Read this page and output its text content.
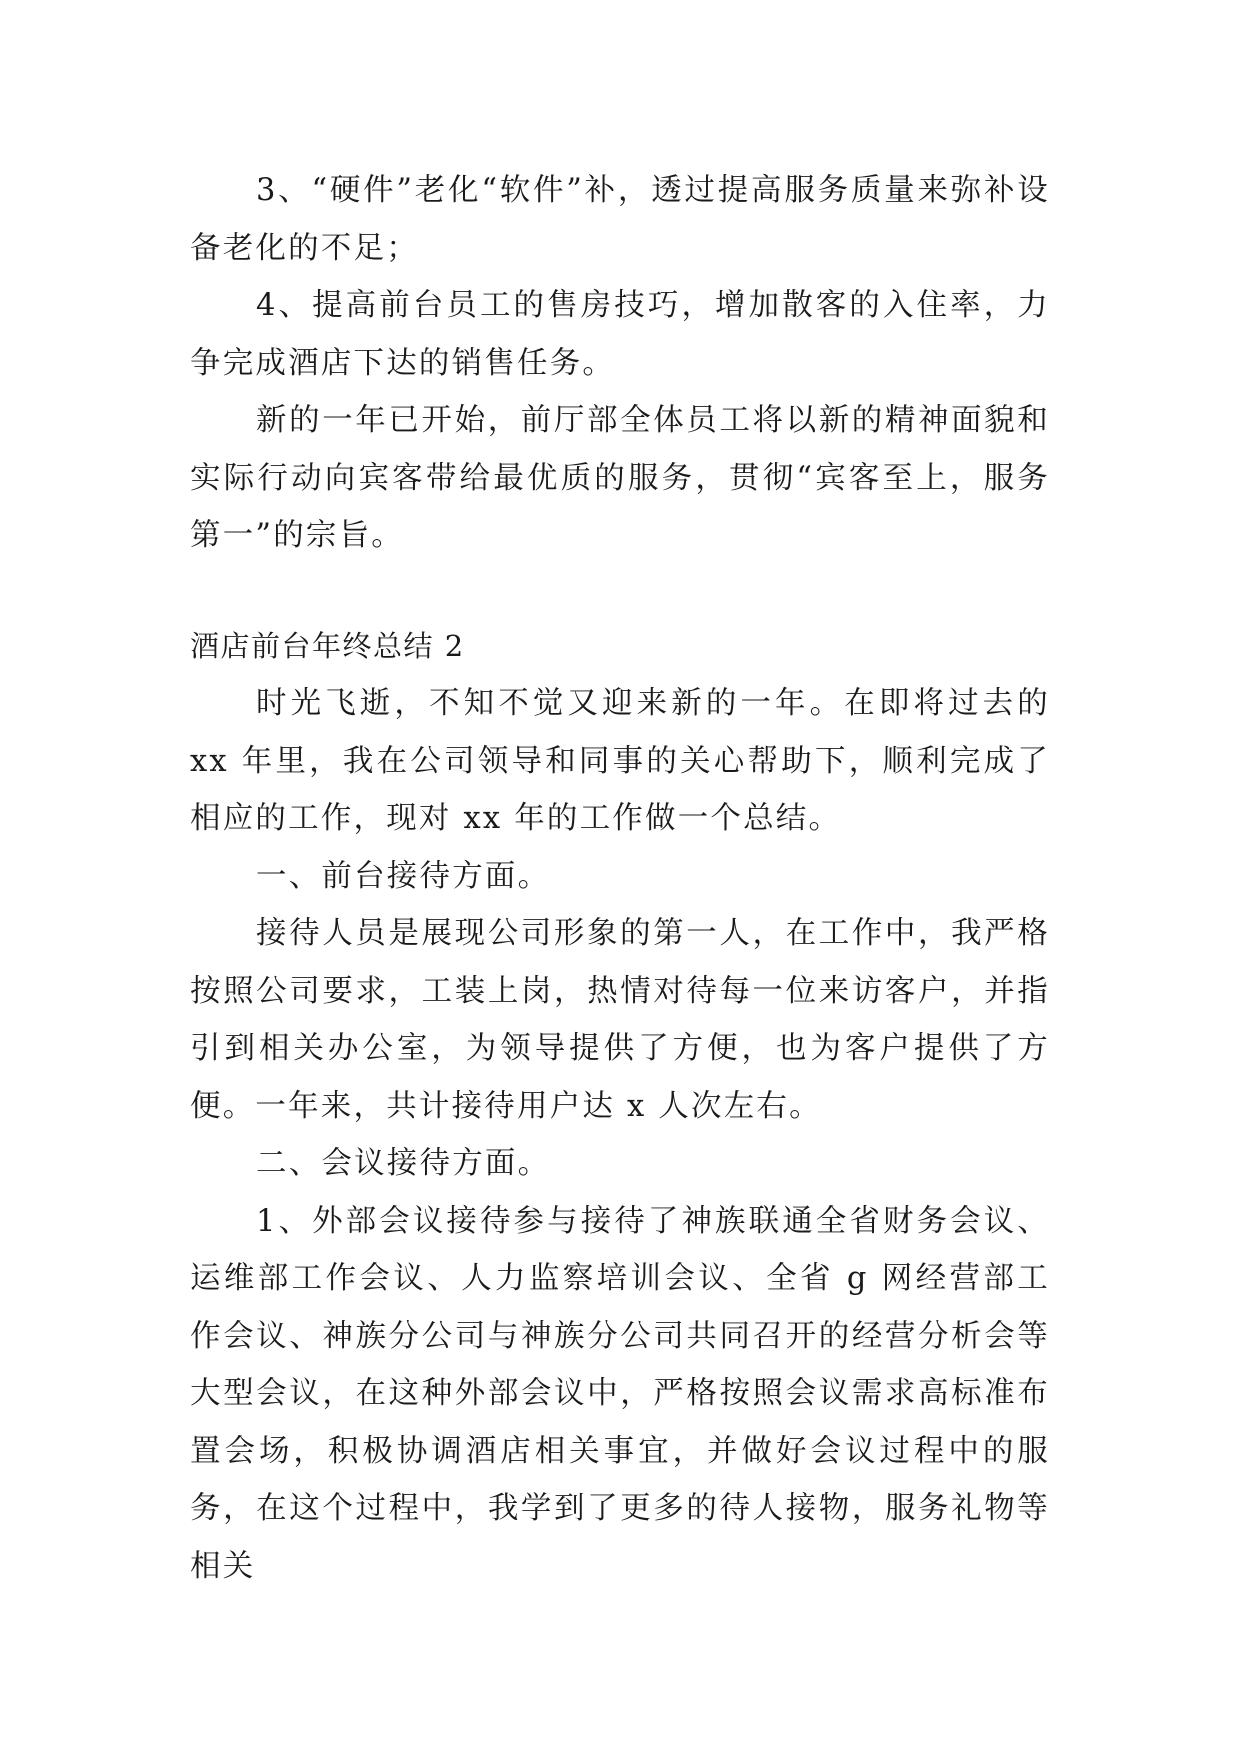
3、“硬件”老化“软件”补，透过提高服务质量来弥补设备老化的不足；

4、提高前台员工的售房技巧，增加散客的入住率，力争完成酒店下达的销售任务。

新的一年已开始，前厅部全体员工将以新的精神面貌和实际行动向宾客带给最优质的服务，贯彻“宾客至上，服务第一”的宗旨。

酒店前台年终总结 2

时光飞逝，不知不觉又迎来新的一年。在即将过去的 xx 年里，我在公司领导和同事的关心帮助下，顺利完成了相应的工作，现对 xx 年的工作做一个总结。

一、前台接待方面。

接待人员是展现公司形象的第一人，在工作中，我严格按照公司要求，工装上岗，热情对待每一位来访客户，并指引到相关办公室，为领导提供了方便，也为客户提供了方便。一年来，共计接待用户达 x 人次左右。

二、会议接待方面。

1、外部会议接待参与接待了神族联通全省财务会议、运维部工作会议、人力监察培训会议、全省 g 网经营部工作会议、神族分公司与神族分公司共同召开的经营分析会等大型会议，在这种外部会议中，严格按照会议需求高标准布置会场，积极协调酒店相关事宜，并做好会议过程中的服务，在这个过程中，我学到了更多的待人接物，服务礼物等相关
